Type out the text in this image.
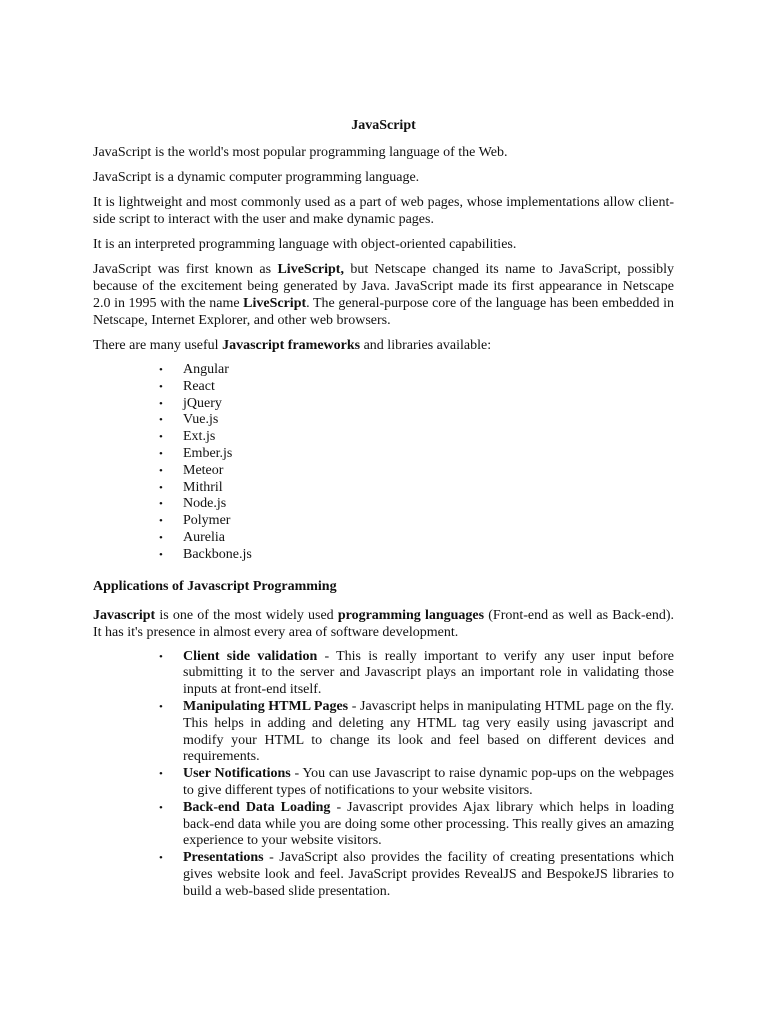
JavaScript

JavaScript is the world's most popular programming language of the Web.

JavaScript is a dynamic computer programming language.

It is lightweight and most commonly used as a part of web pages, whose implementations allow client-side script to interact with the user and make dynamic pages.

It is an interpreted programming language with object-oriented capabilities.

JavaScript was first known as LiveScript, but Netscape changed its name to JavaScript, possibly because of the excitement being generated by Java. JavaScript made its first appearance in Netscape 2.0 in 1995 with the name LiveScript. The general-purpose core of the language has been embedded in Netscape, Internet Explorer, and other web browsers.

There are many useful Javascript frameworks and libraries available:

• Angular
• React
• jQuery
• Vue.js
• Ext.js
• Ember.js
• Meteor
• Mithril
• Node.js
• Polymer
• Aurelia
• Backbone.js
Applications of Javascript Programming

Javascript is one of the most widely used programming languages (Front-end as well as Back-end). It has it's presence in almost every area of software development.

• Client side validation - This is really important to verify any user input before submitting it to the server and Javascript plays an important role in validating those inputs at front-end itself.
• Manipulating HTML Pages - Javascript helps in manipulating HTML page on the fly. This helps in adding and deleting any HTML tag very easily using javascript and modify your HTML to change its look and feel based on different devices and requirements.
• User Notifications - You can use Javascript to raise dynamic pop-ups on the webpages to give different types of notifications to your website visitors.
• Back-end Data Loading - Javascript provides Ajax library which helps in loading back-end data while you are doing some other processing. This really gives an amazing experience to your website visitors.
• Presentations - JavaScript also provides the facility of creating presentations which gives website look and feel. JavaScript provides RevealJS and BespokeJS libraries to build a web-based slide presentation.
